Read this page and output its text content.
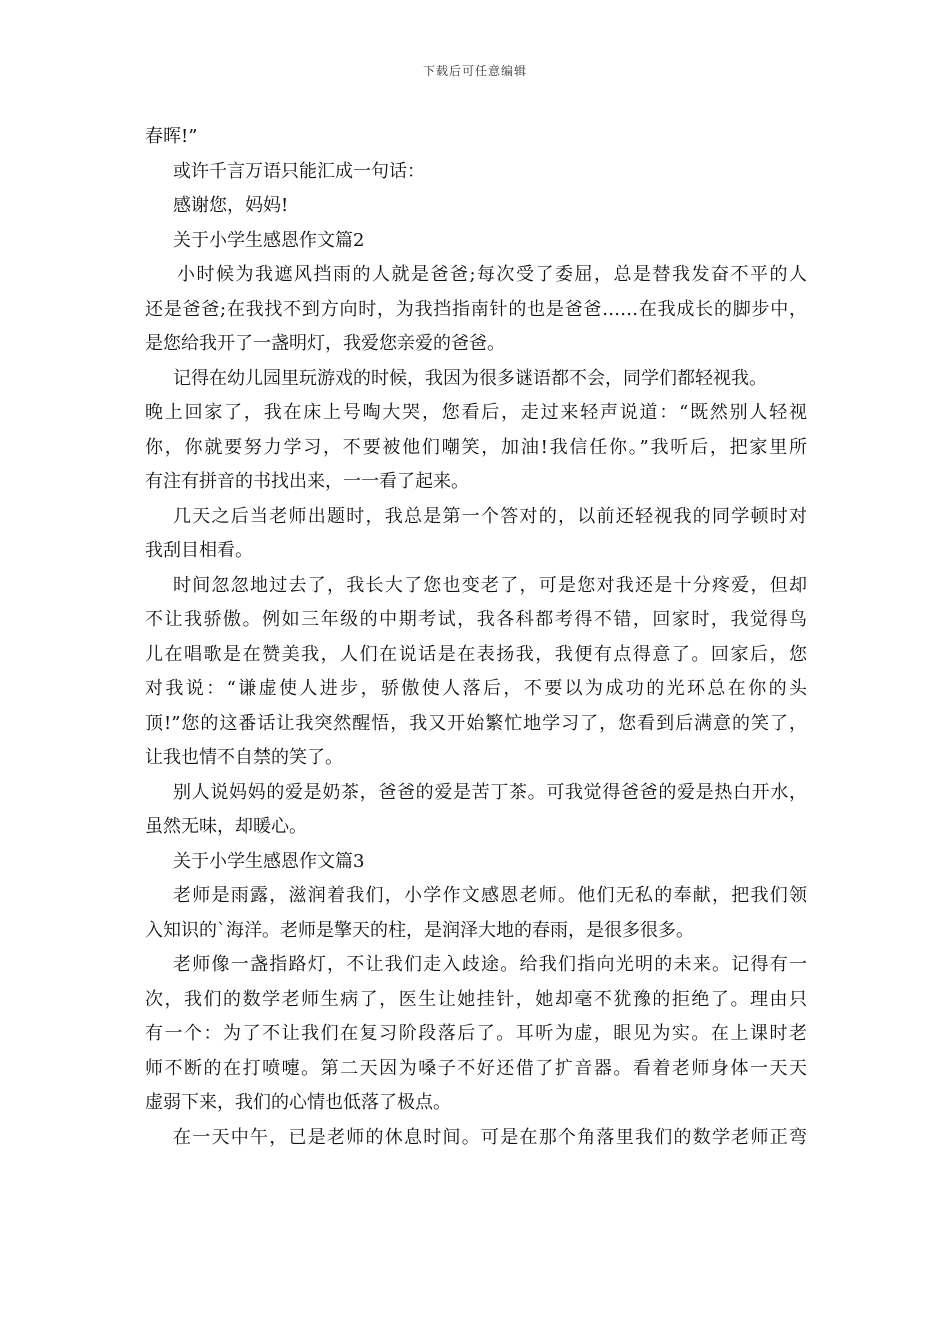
下载后可任意编辑
春晖!”
或许千言万语只能汇成一句话：
感谢您，妈妈!
关于小学生感恩作文篇2
小时候为我遮风挡雨的人就是爸爸;每次受了委屈，总是替我发奋不平的人
还是爸爸;在我找不到方向时，为我挡指南针的也是爸爸……在我成长的脚步中，
是您给我开了一盏明灯，我爱您亲爱的爸爸。
记得在幼儿园里玩游戏的时候，我因为很多谜语都不会，同学们都轻视我。
晚上回家了，我在床上号啕大哭，您看后，走过来轻声说道：“既然别人轻视
你，你就要努力学习，不要被他们嘲笑，加油!我信任你。”我听后，把家里所
有注有拼音的书找出来，一一看了起来。
几天之后当老师出题时，我总是第一个答对的，以前还轻视我的同学顿时对
我刮目相看。
时间忽忽地过去了，我长大了您也变老了，可是您对我还是十分疼爱，但却
不让我骄傲。例如三年级的中期考试，我各科都考得不错，回家时，我觉得鸟
儿在唱歌是在赞美我，人们在说话是在表扬我，我便有点得意了。回家后，您
对我说：“谦虚使人进步，骄傲使人落后，不要以为成功的光环总在你的头
顶!”您的这番话让我突然醒悟，我又开始繁忙地学习了，您看到后满意的笑了，
让我也情不自禁的笑了。
别人说妈妈的爱是奶茶，爸爸的爱是苦丁茶。可我觉得爸爸的爱是热白开水，
虽然无味，却暖心。
关于小学生感恩作文篇3
老师是雨露，滋润着我们，小学作文感恩老师。他们无私的奉献，把我们领
入知识的`海洋。老师是擎天的柱，是润泽大地的春雨，是很多很多。
老师像一盏指路灯，不让我们走入歧途。给我们指向光明的未来。记得有一
次，我们的数学老师生病了，医生让她挂针，她却毫不犹豫的拒绝了。理由只
有一个：为了不让我们在复习阶段落后了。耳听为虚，眼见为实。在上课时老
师不断的在打喷嚏。第二天因为嗓子不好还借了扩音器。看着老师身体一天天
虚弱下来，我们的心情也低落了极点。
在一天中午，已是老师的休息时间。可是在那个角落里我们的数学老师正弯
